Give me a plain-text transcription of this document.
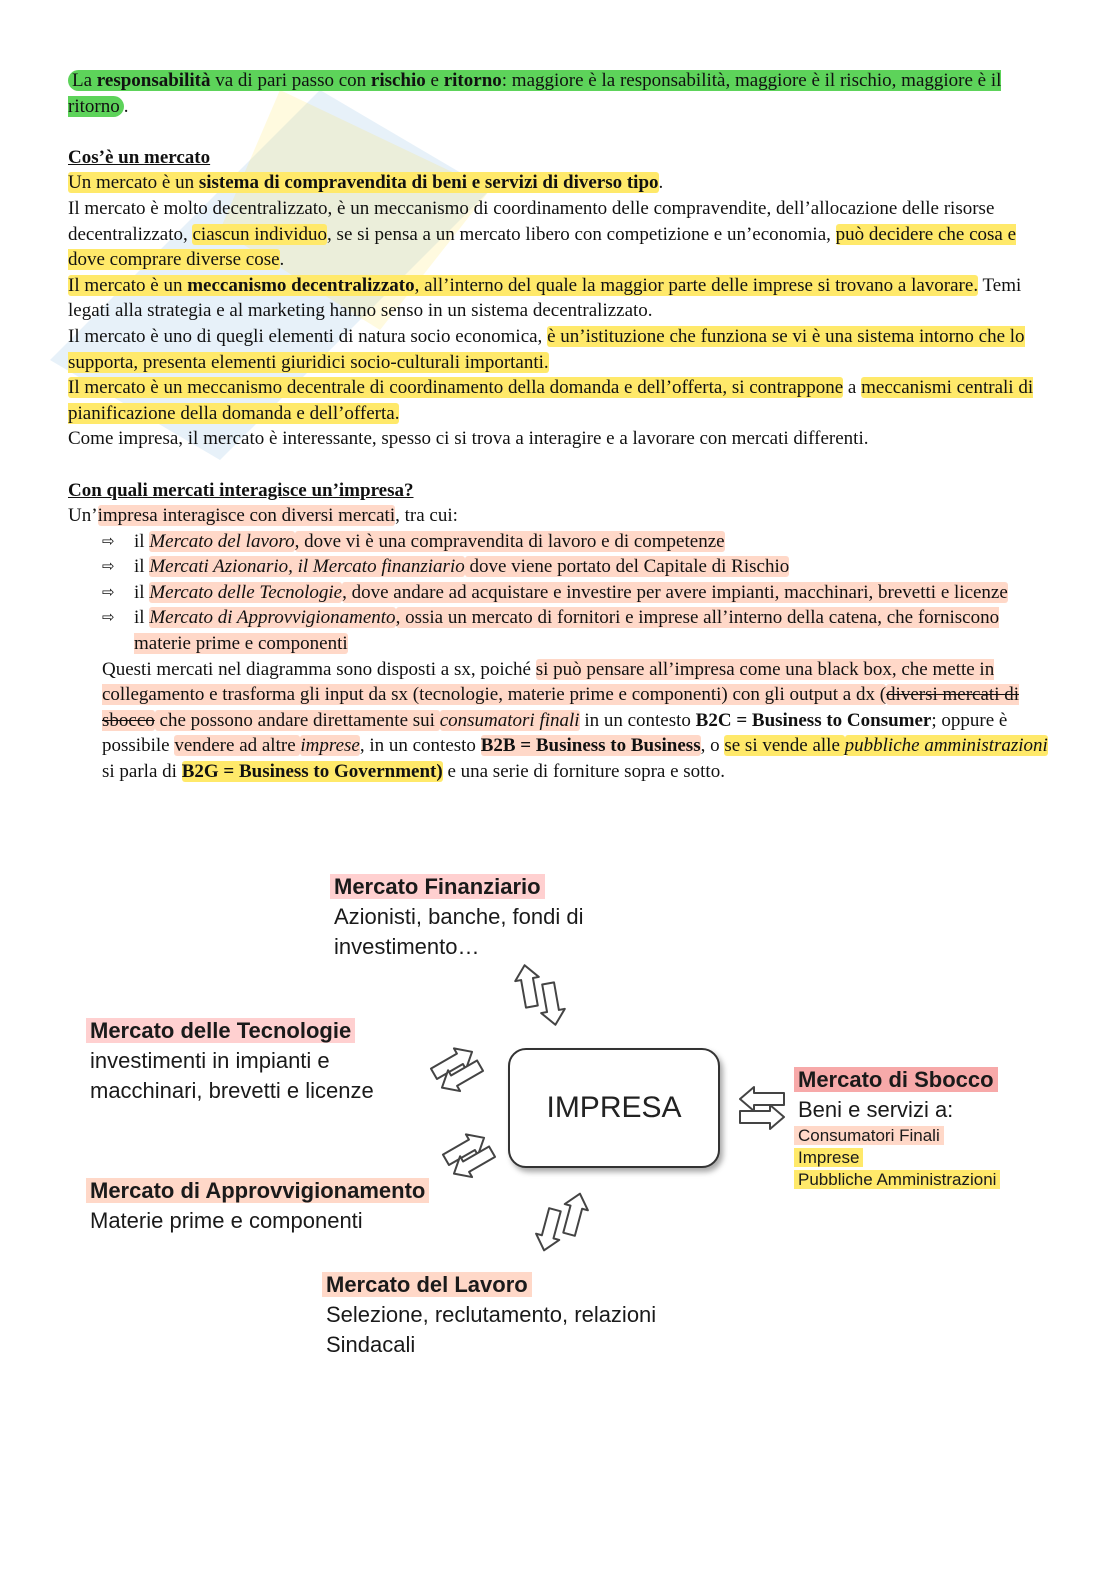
La responsabilità va di pari passo con rischio e ritorno: maggiore è la responsabilità, maggiore è il rischio, maggiore è il ritorno .

Cos’è un mercato

Un mercato è un sistema di compravendita di beni e servizi di diverso tipo.

Il mercato è molto decentralizzato, è un meccanismo di coordinamento delle compravendite, dell’allocazione delle risorse decentralizzato, ciascun individuo, se si pensa a un mercato libero con competizione e un’economia, può decidere che cosa e dove comprare diverse cose.

Il mercato è un meccanismo decentralizzato, all’interno del quale la maggior parte delle imprese si trovano a lavorare. Temi legati alla strategia e al marketing hanno senso in un sistema decentralizzato.

Il mercato è uno di quegli elementi di natura socio economica, è un’istituzione che funziona se vi è una sistema intorno che lo supporta, presenta elementi giuridici socio-culturali importanti.

Il mercato è un meccanismo decentrale di coordinamento della domanda e dell’offerta, si contrappone a meccanismi centrali di pianificazione della domanda e dell’offerta.

Come impresa, il mercato è interessante, spesso ci si trova a interagire e a lavorare con mercati differenti.

Con quali mercati interagisce un’impresa?

Un’impresa interagisce con diversi mercati, tra cui:

⇨ il Mercato del lavoro, dove vi è una compravendita di lavoro e di competenze
⇨ il Mercati Azionario, il Mercato finanziario dove viene portato del Capitale di Rischio
⇨ il Mercato delle Tecnologie, dove andare ad acquistare e investire per avere impianti, macchinari, brevetti e licenze
⇨ il Mercato di Approvvigionamento, ossia un mercato di fornitori e imprese all’interno della catena, che forniscono materie prime e componenti

Questi mercati nel diagramma sono disposti a sx, poiché si può pensare all’impresa come una black box, che mette in collegamento e trasforma gli input da sx (tecnologie, materie prime e componenti) con gli output a dx (diversi mercati di sbocco che possono andare direttamente sui consumatori finali in un contesto B2C = Business to Consumer; oppure è possibile vendere ad altre imprese, in un contesto B2B = Business to Business, o se si vende alle pubbliche amministrazioni si parla di B2G = Business to Government) e una serie di forniture sopra e sotto.

IMPRESA
Mercato Finanziario
Azionisti, banche, fondi di
investimento…
Mercato delle Tecnologie
investimenti in impianti e
macchinari, brevetti e licenze
Mercato di Approvvigionamento
Materie prime e componenti
Mercato del Lavoro
Selezione, reclutamento, relazioni
Sindacali
Mercato di Sbocco
Beni e servizi a:
Consumatori Finali
Imprese
Pubbliche Amministrazioni
